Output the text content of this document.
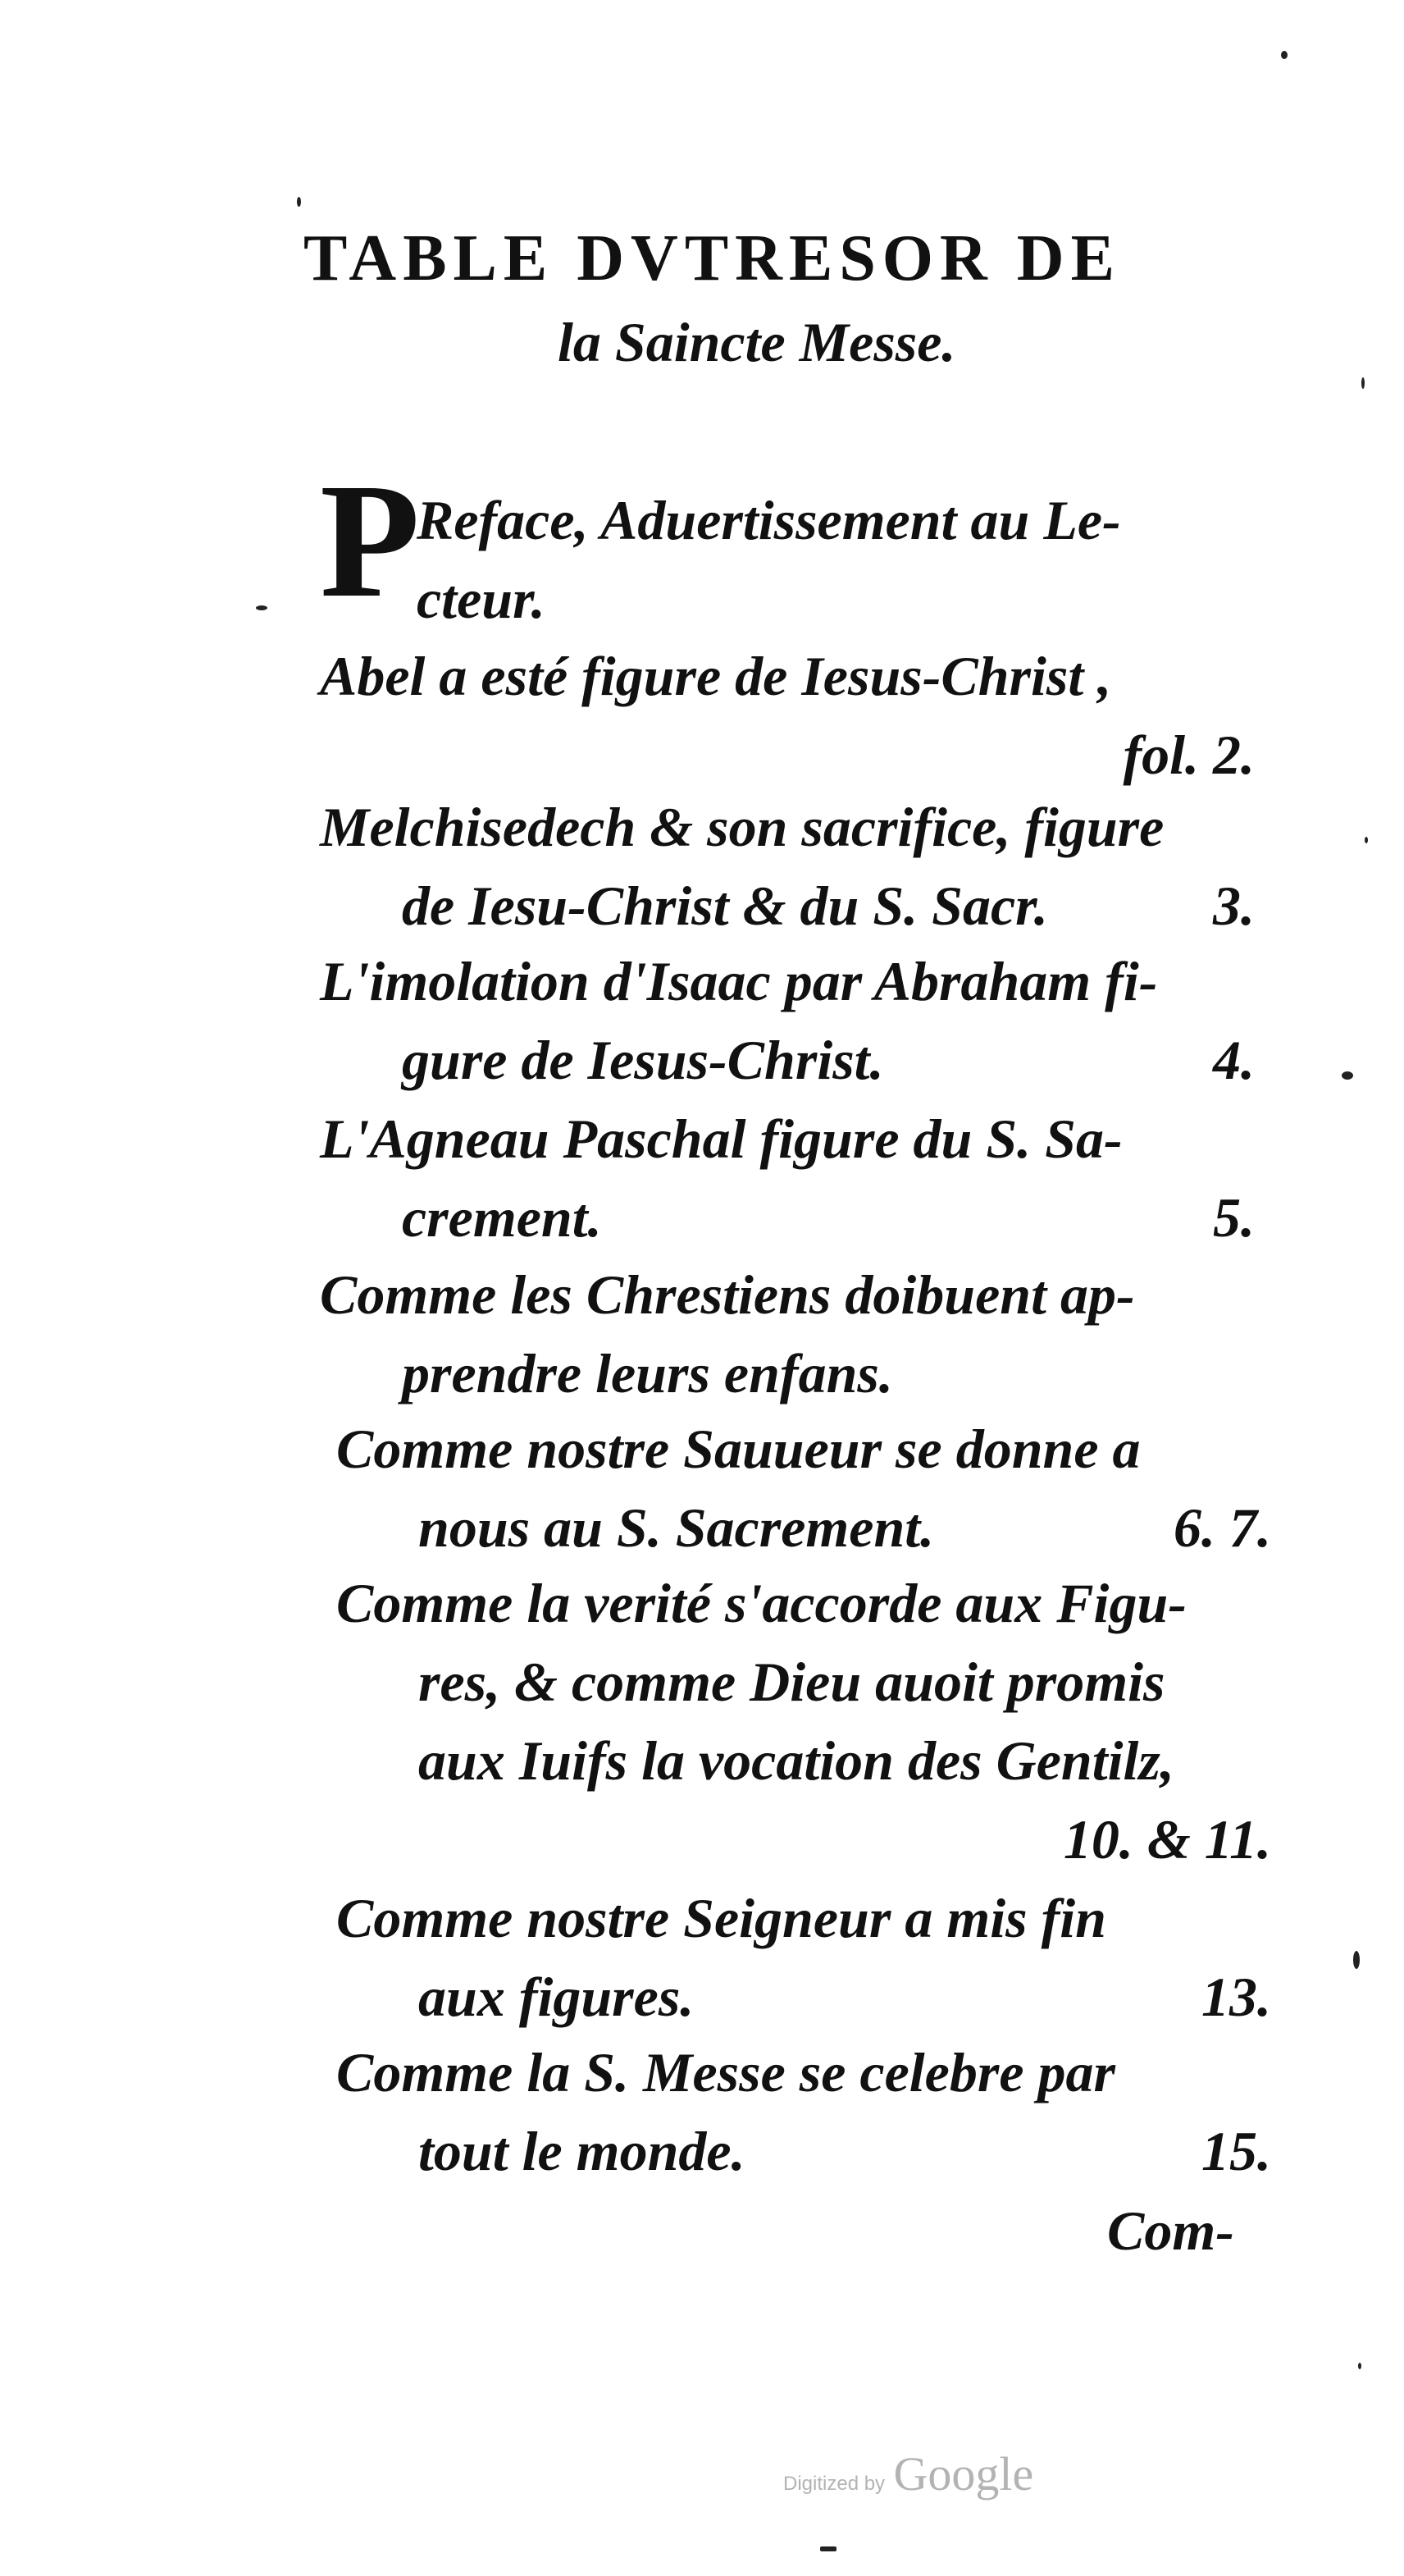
TABLE DVTRESOR DE
la Saincte Messe.
P
Reface, Aduertissement au Le-
cteur.
Abel a esté figure de Iesus-Christ ,
fol. 2.
Melchisedech & son sacrifice, figure
de Iesu-Christ & du S. Sacr.	3.
L'imolation d'Isaac par Abraham fi-
gure de Iesus-Christ.	4.
L'Agneau Paschal figure du S. Sa-
crement.	5.
Comme les Chrestiens doibuent ap-
prendre leurs enfans.
Comme nostre Sauueur se donne a
nous au S. Sacrement.	6. 7.
Comme la verité s'accorde aux Figu-
res, & comme Dieu auoit promis
aux Iuifs la vocation des Gentilz,
10. & 11.
Comme nostre Seigneur a mis fin
aux figures.	13.
Comme la S. Messe se celebre par
tout le monde.	15.
Com-
Digitized by Google
